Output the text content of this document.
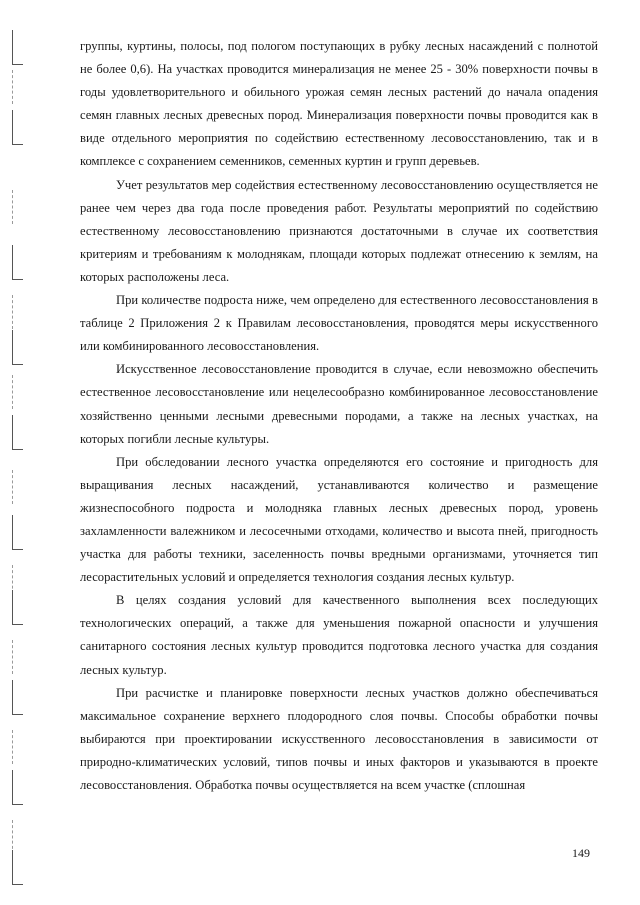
группы, куртины, полосы, под пологом поступающих в рубку лесных насаждений с полнотой не более 0,6). На участках проводится минерализация не менее 25 - 30% поверхности почвы в годы удовлетворительного и обильного урожая семян лесных растений до начала опадения семян главных лесных древесных пород. Минерализация поверхности почвы проводится как в виде отдельного мероприятия по содействию естественному лесовосстановлению, так и в комплексе с сохранением семенников, семенных куртин и групп деревьев.

Учет результатов мер содействия естественному лесовосстановлению осуществляется не ранее чем через два года после проведения работ. Результаты мероприятий по содействию естественному лесовосстановлению признаются достаточными в случае их соответствия критериям и требованиям к молоднякам, площади которых подлежат отнесению к землям, на которых расположены леса.

При количестве подроста ниже, чем определено для естественного лесовосстановления в таблице 2 Приложения 2 к Правилам лесовосстановления, проводятся меры искусственного или комбинированного лесовосстановления.

Искусственное лесовосстановление проводится в случае, если невозможно обеспечить естественное лесовосстановление или нецелесообразно комбинированное лесовосстановление хозяйственно ценными лесными древесными породами, а также на лесных участках, на которых погибли лесные культуры.

При обследовании лесного участка определяются его состояние и пригодность для выращивания лесных насаждений, устанавливаются количество и размещение жизнеспособного подроста и молодняка главных лесных древесных пород, уровень захламленности валежником и лесосечными отходами, количество и высота пней, пригодность участка для работы техники, заселенность почвы вредными организмами, уточняется тип лесорастительных условий и определяется технология создания лесных культур.

В целях создания условий для качественного выполнения всех последующих технологических операций, а также для уменьшения пожарной опасности и улучшения санитарного состояния лесных культур проводится подготовка лесного участка для создания лесных культур.

При расчистке и планировке поверхности лесных участков должно обеспечиваться максимальное сохранение верхнего плодородного слоя почвы. Способы обработки почвы выбираются при проектировании искусственного лесовосстановления в зависимости от природно-климатических условий, типов почвы и иных факторов и указываются в проекте лесовосстановления. Обработка почвы осуществляется на всем участке (сплошная

149
